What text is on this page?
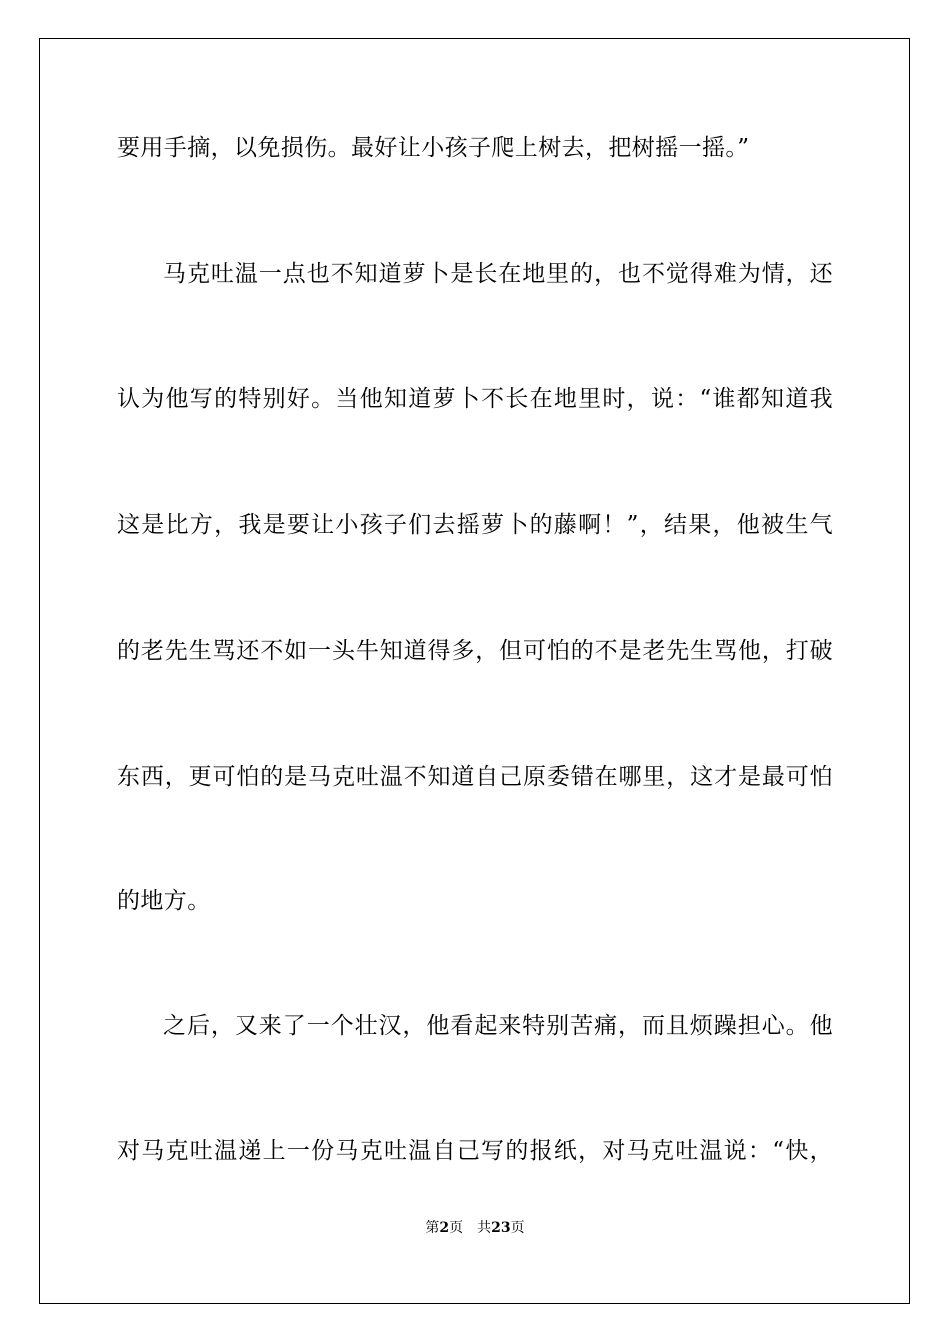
要用手摘，以免损伤。最好让小孩子爬上树去，把树摇一摇。”
马克吐温一点也不知道萝卜是长在地里的，也不觉得难为情，还
认为他写的特别好。当他知道萝卜不长在地里时，说：“谁都知道我
这是比方，我是要让小孩子们去摇萝卜的藤啊！”，结果，他被生气
的老先生骂还不如一头牛知道得多，但可怕的不是老先生骂他，打破
东西，更可怕的是马克吐温不知道自己原委错在哪里，这才是最可怕
的地方。
之后，又来了一个壮汉，他看起来特别苦痛，而且烦躁担心。他
对马克吐温递上一份马克吐温自己写的报纸，对马克吐温说：“快，
第2页 共23页
